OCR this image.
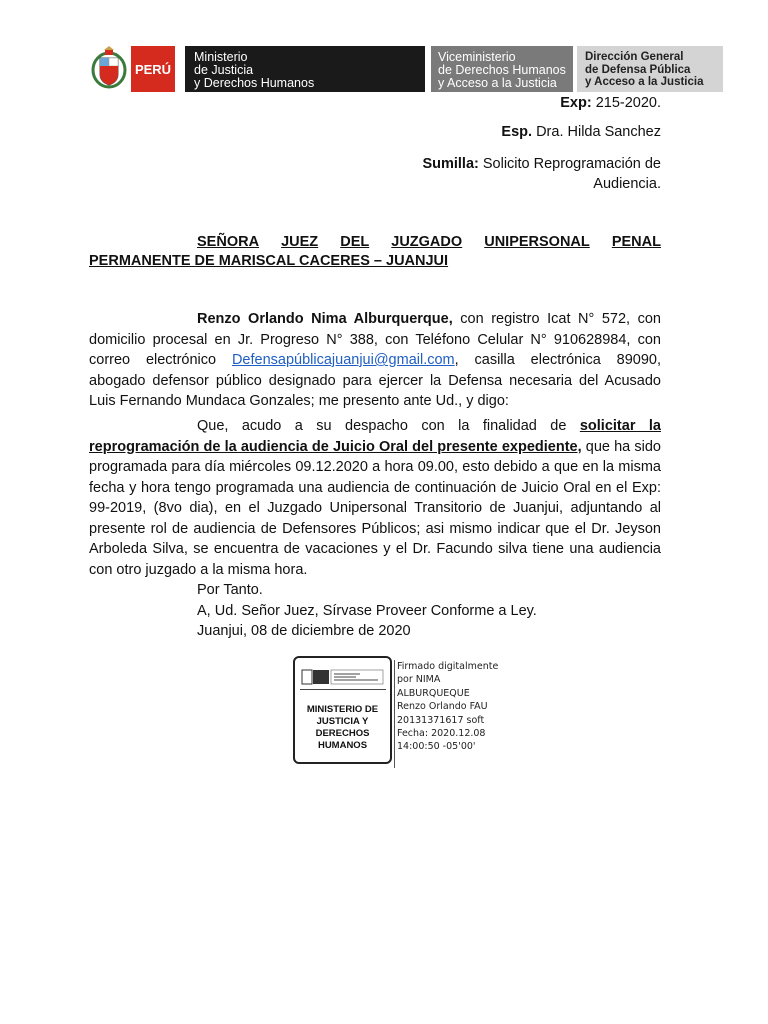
PERÚ
Ministerio
de Justicia
y Derechos Humanos
Viceministerio
de Derechos Humanos
y Acceso a la Justicia
Dirección General
de Defensa Pública
y Acceso a la Justicia
Exp: 215-2020.
Esp. Dra. Hilda Sanchez
Sumilla: Solicito Reprogramación de
Audiencia.
SEÑORA JUEZ DEL JUZGADO UNIPERSONAL PENAL
PERMANENTE DE MARISCAL CACERES – JUANJUI
Renzo Orlando Nima Alburquerque, con registro Icat N° 572, con domicilio procesal en Jr. Progreso N° 388, con Teléfono Celular N° 910628984, con correo electrónico Defensapúblicajuanjui@gmail.com, casilla electrónica 89090, abogado defensor público designado para ejercer la Defensa necesaria del Acusado Luis Fernando Mundaca Gonzales; me presento ante Ud., y digo:
Que, acudo a su despacho con la finalidad de solicitar la reprogramación de la audiencia de Juicio Oral del presente expediente, que ha sido programada para día miércoles 09.12.2020 a hora 09.00, esto debido a que en la misma fecha y hora tengo programada una audiencia de continuación de Juicio Oral en el Exp: 99-2019, (8vo dia), en el Juzgado Unipersonal Transitorio de Juanjui, adjuntando al presente rol de audiencia de Defensores Públicos; asi mismo indicar que el Dr. Jeyson Arboleda Silva, se encuentra de vacaciones y el Dr. Facundo silva tiene una audiencia con otro juzgado a la misma hora.
Por Tanto.
A, Ud. Señor Juez, Sírvase Proveer Conforme a Ley.
Juanjui, 08 de diciembre de 2020
MINISTERIO DE
JUSTICIA Y
DERECHOS
HUMANOS
Firmado digitalmente
por NIMA
ALBURQUEQUE
Renzo Orlando FAU
20131371617 soft
Fecha: 2020.12.08
14:00:50 -05'00'
